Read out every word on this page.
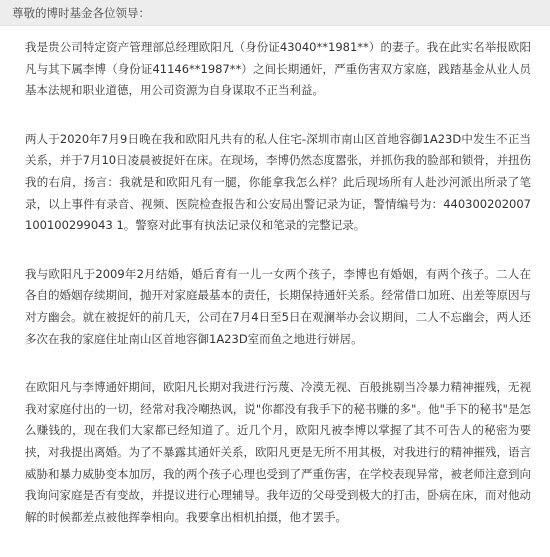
尊敬的博时基金各位领导：

我是贵公司特定资产管理部总经理欧阳凡（身份证43040**1981**）的妻子。我在此实名举报欧阳凡与其下属李博（身份证41146**1987**）之间长期通奸，严重伤害双方家庭，践踏基金从业人员基本法规和职业道德，用公司资源为自身谋取不正当利益。

两人于2020年7月9日晚在我和欧阳凡共有的私人住宅-深圳市南山区首地容御1A23D中发生不正当关系，并于7月10日凌晨被捉奸在床。在现场，李博仍然态度嚣张，并抓伤我的脸部和锁骨，并扭伤我的右肩，扬言：我就是和欧阳凡有一腿，你能拿我怎么样？此后现场所有人赴沙河派出所录了笔录，以上事件有录音、视频、医院检查报告和公安局出警记录为证，警情编号为：440300202007100100299043 1。警察对此事有执法记录仪和笔录的完整记录。

我与欧阳凡于2009年2月结婚，婚后育有一儿一女两个孩子，李博也有婚姻，有两个孩子。二人在各自的婚姻存续期间，抛开对家庭最基本的责任，长期保持通奸关系。经常借口加班、出差等原因与对方幽会。就在被捉奸的前几天，公司在7月4日至5日在观澜举办会议期间，二人不忘幽会，两人还多次在我的家庭住址南山区首地容御1A23D室而鱼之地进行姘居。

在欧阳凡与李博通奸期间，欧阳凡长期对我进行污蔑、冷漠无视、百般挑剔当冷暴力精神摧残，无视我对家庭付出的一切，经常对我冷嘲热讽，说"你都没有我手下的秘书赚的多"。他"手下的秘书"是怎么赚钱的，现在我们大家都已经知道了。近几个月，欧阳凡被李博以掌握了其不可告人的秘密为要挟，对我提出离婚。为了不暴露其通奸关系，欧阳凡更是无所不用其极，对我进行的精神摧残，语言威胁和暴力威胁变本加厉，我的两个孩子心理也受到了严重伤害，在学校表现异常，被老师注意到向我询问家庭是否有变故，并提议进行心理辅导。我年迈的父母受到极大的打击，卧病在床，而对他动解的时候都差点被他挥拳相向。我要拿出相机拍摄，他才罢手。
